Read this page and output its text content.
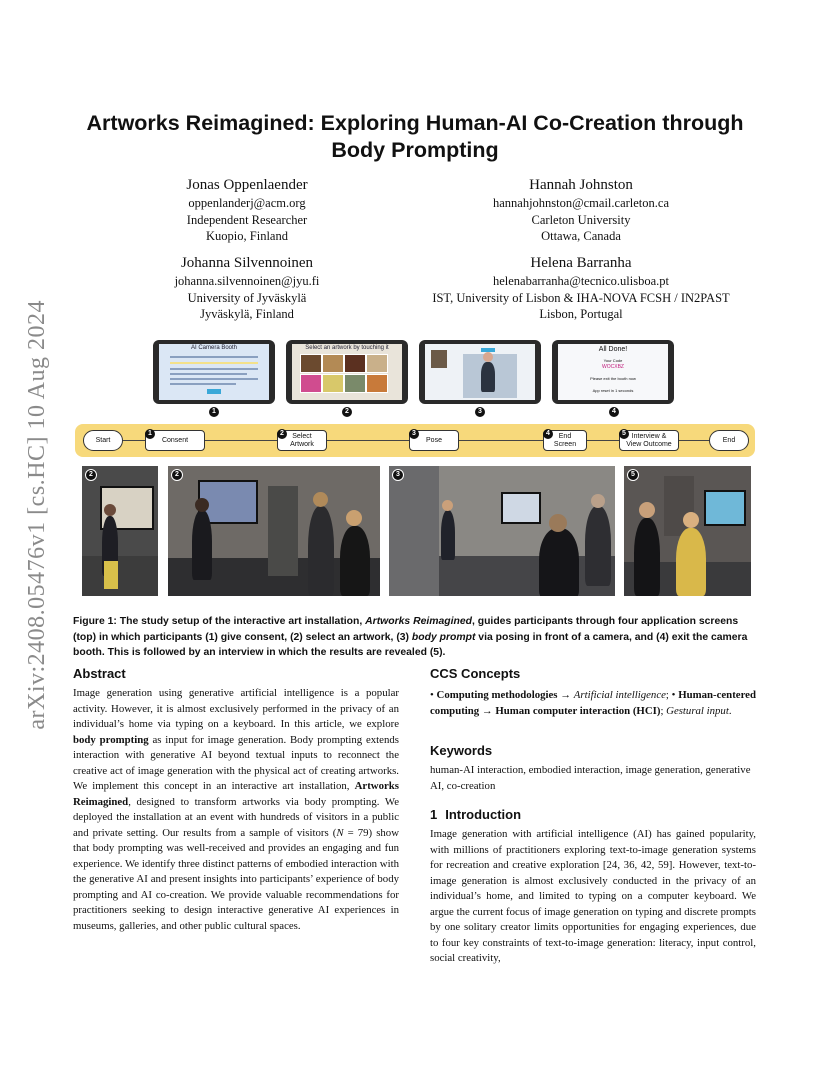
arXiv:2408.05476v1 [cs.HC] 10 Aug 2024
Artworks Reimagined: Exploring Human-AI Co-Creation through Body Prompting
Jonas Oppenlaender
oppenlanderj@acm.org
Independent Researcher
Kuopio, Finland
Hannah Johnston
hannahjohnston@cmail.carleton.ca
Carleton University
Ottawa, Canada
Johanna Silvennoinen
johanna.silvennoinen@jyu.fi
University of Jyväskylä
Jyväskylä, Finland
Helena Barranha
helenabarranha@tecnico.ulisboa.pt
IST, University of Lisbon & IHA-NOVA FCSH / IN2PAST
Lisbon, Portugal
AI Camera Booth	Select an artwork by touching it	All Done!
Your Code
WOCXBZ
Please exit the booth now
App reset in 1 seconds
1	2	3	4
Start
1
Consent
2	Select
Artwork
3
Pose
4	End
Screen
5 Interview &
View Outcome
End
2	2	3	5

Figure 1: The study setup of the interactive art installation, Artworks Reimagined, guides participants through four application screens (top) in which participants (1) give consent, (2) select an artwork, (3) body prompt via posing in front of a camera, and (4) exit the camera booth. This is followed by an interview in which the results are revealed (5).

Abstract

Image generation using generative artificial intelligence is a popular activity. However, it is almost exclusively performed in the privacy of an individual’s home via typing on a keyboard. In this article, we explore body prompting as input for image generation. Body prompting extends interaction with generative AI beyond textual inputs to reconnect the creative act of image generation with the physical act of creating artworks. We implement this concept in an interactive art installation, Artworks Reimagined, designed to transform artworks via body prompting. We deployed the installation at an event with hundreds of visitors in a public and private setting. Our results from a sample of visitors (N = 79) show that body prompting was well-received and provides an engaging and fun experience. We identify three distinct patterns of embodied interaction with the generative AI and present insights into participants’ experience of body prompting and AI co-creation. We provide valuable recommendations for practitioners seeking to design interactive generative AI experiences in museums, galleries, and other public cultural spaces.

CCS Concepts

• Computing methodologies → Artificial intelligence; • Human-centered computing → Human computer interaction (HCI); Gestural input.

Keywords

human-AI interaction, embodied interaction, image generation, generative AI, co-creation

1 Introduction

Image generation with artificial intelligence (AI) has gained popularity, with millions of practitioners exploring text-to-image generation systems for recreation and creative exploration [24, 36, 42, 59]. However, text-to-image generation is almost exclusively conducted in the privacy of an individual’s home, and limited to typing on a computer keyboard. We argue the current focus of image generation on typing and discrete prompts by one solitary creator limits opportunities for engaging experiences, due to four key constraints of text-to-image generation: literacy, input control, social creativity,
